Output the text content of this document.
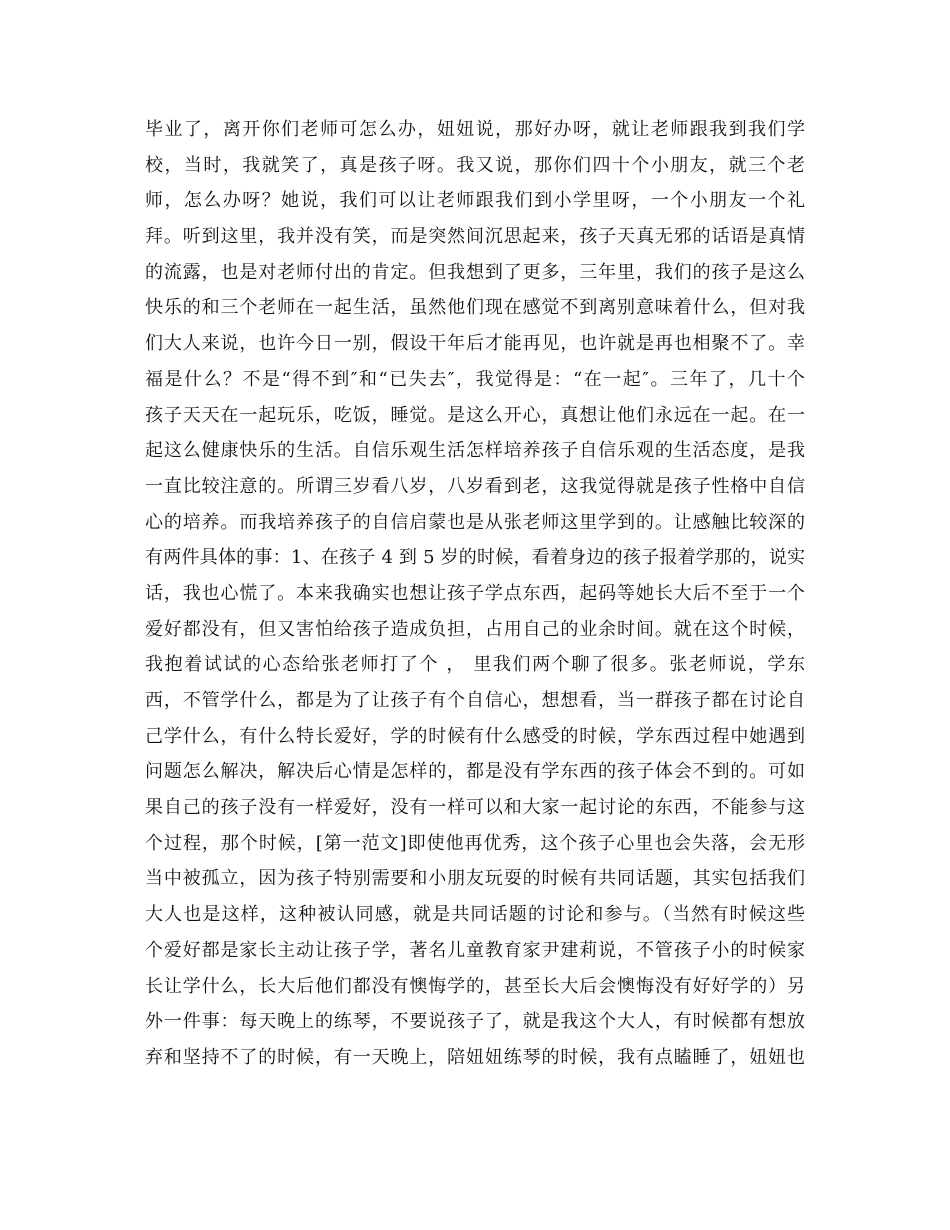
毕业了，离开你们老师可怎么办，妞妞说，那好办呀，就让老师跟我到我们学
校，当时，我就笑了，真是孩子呀。我又说，那你们四十个小朋友，就三个老
师，怎么办呀？她说，我们可以让老师跟我们到小学里呀，一个小朋友一个礼
拜。听到这里，我并没有笑，而是突然间沉思起来，孩子天真无邪的话语是真情
的流露，也是对老师付出的肯定。但我想到了更多，三年里，我们的孩子是这么
快乐的和三个老师在一起生活，虽然他们现在感觉不到离别意味着什么，但对我
们大人来说，也许今日一别，假设干年后才能再见，也许就是再也相聚不了。幸
福是什么？不是“得不到″和“已失去″，我觉得是：“在一起″。三年了，几十个
孩子天天在一起玩乐，吃饭，睡觉。是这么开心，真想让他们永远在一起。在一
起这么健康快乐的生活。自信乐观生活怎样培养孩子自信乐观的生活态度，是我
一直比较注意的。所谓三岁看八岁，八岁看到老，这我觉得就是孩子性格中自信
心的培养。而我培养孩子的自信启蒙也是从张老师这里学到的。让感触比较深的
有两件具体的事：1、在孩子 4 到 5 岁的时候，看着身边的孩子报着学那的，说实
话，我也心慌了。本来我确实也想让孩子学点东西，起码等她长大后不至于一个
爱好都没有，但又害怕给孩子造成负担，占用自己的业余时间。就在这个时候，
我抱着试试的心态给张老师打了个 ， 里我们两个聊了很多。张老师说，学东
西，不管学什么，都是为了让孩子有个自信心，想想看，当一群孩子都在讨论自
己学什么，有什么特长爱好，学的时候有什么感受的时候，学东西过程中她遇到
问题怎么解决，解决后心情是怎样的，都是没有学东西的孩子体会不到的。可如
果自己的孩子没有一样爱好，没有一样可以和大家一起讨论的东西，不能参与这
个过程，那个时候，[第一范文]即使他再优秀，这个孩子心里也会失落，会无形
当中被孤立，因为孩子特别需要和小朋友玩耍的时候有共同话题，其实包括我们
大人也是这样，这种被认同感，就是共同话题的讨论和参与。（当然有时候这些
个爱好都是家长主动让孩子学，著名儿童教育家尹建莉说，不管孩子小的时候家
长让学什么，长大后他们都没有懊悔学的，甚至长大后会懊悔没有好好学的）另
外一件事：每天晚上的练琴，不要说孩子了，就是我这个大人，有时候都有想放
弃和坚持不了的时候，有一天晚上，陪妞妞练琴的时候，我有点瞌睡了，妞妞也
